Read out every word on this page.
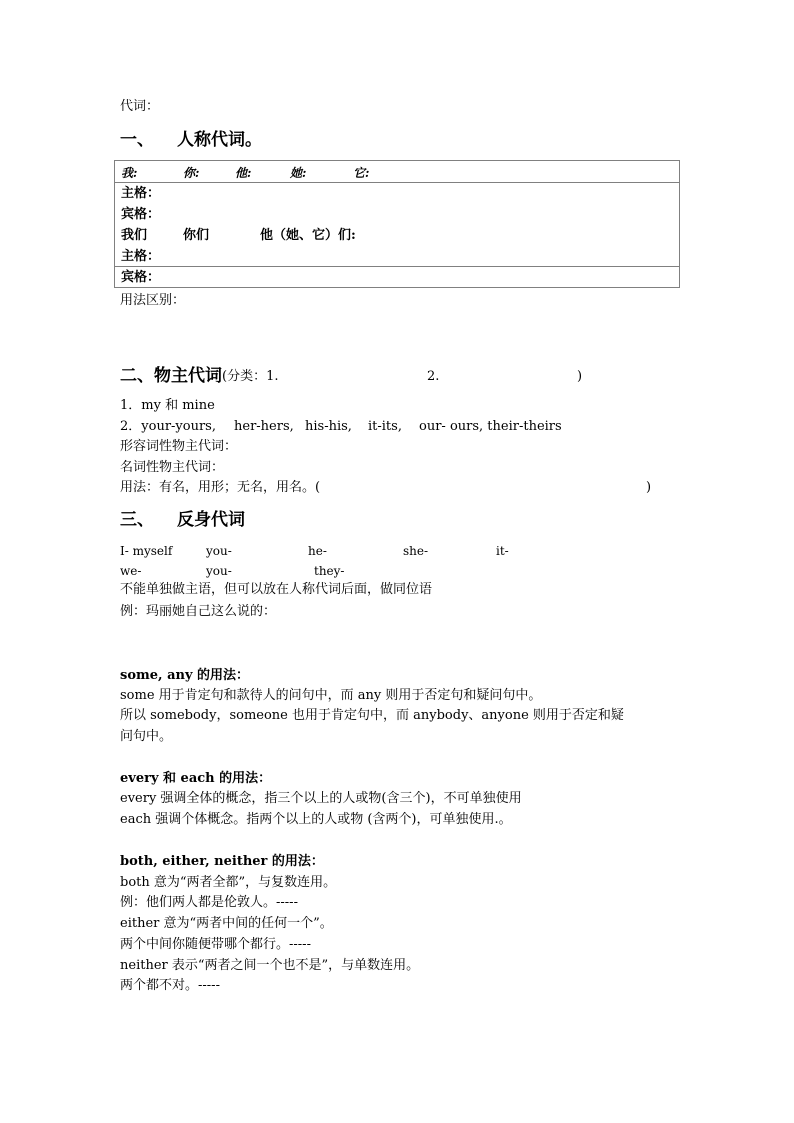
代词：
一、 人称代词。
我:	你:	他:	她:	它:
主格：
宾格：
我们	你们	他（她、它）们:
主格：
宾格：
用法区别：
二、物主代词 (分类：1.	2.	)
1．my 和 mine
2．your-yours, her-hers, his-his, it-its, our- ours, their-theirs
形容词性物主代词：
名词性物主代词：
用法：有名，用形；无名，用名。(	)
三、 反身代词
I- myself	you-	he-	she-	it-
we-	you-	they-
不能单独做主语，但可以放在人称代词后面，做同位语
例：玛丽她自己这么说的：
some, any 的用法：
some 用于肯定句和款待人的问句中，而 any 则用于否定句和疑问句中。
所以 somebody，someone 也用于肯定句中，而 anybody、anyone 则用于否定和疑
问句中。
every 和 each 的用法：
every 强调全体的概念，指三个以上的人或物(含三个)，不可单独使用
each 强调个体概念。指两个以上的人或物 (含两个)，可单独使用.。
both, either, neither 的用法：
both 意为“两者全都”，与复数连用。
例：他们两人都是伦敦人。-----
either 意为“两者中间的任何一个”。
两个中间你随便带哪个都行。-----
neither 表示“两者之间一个也不是”，与单数连用。
两个都不对。-----
